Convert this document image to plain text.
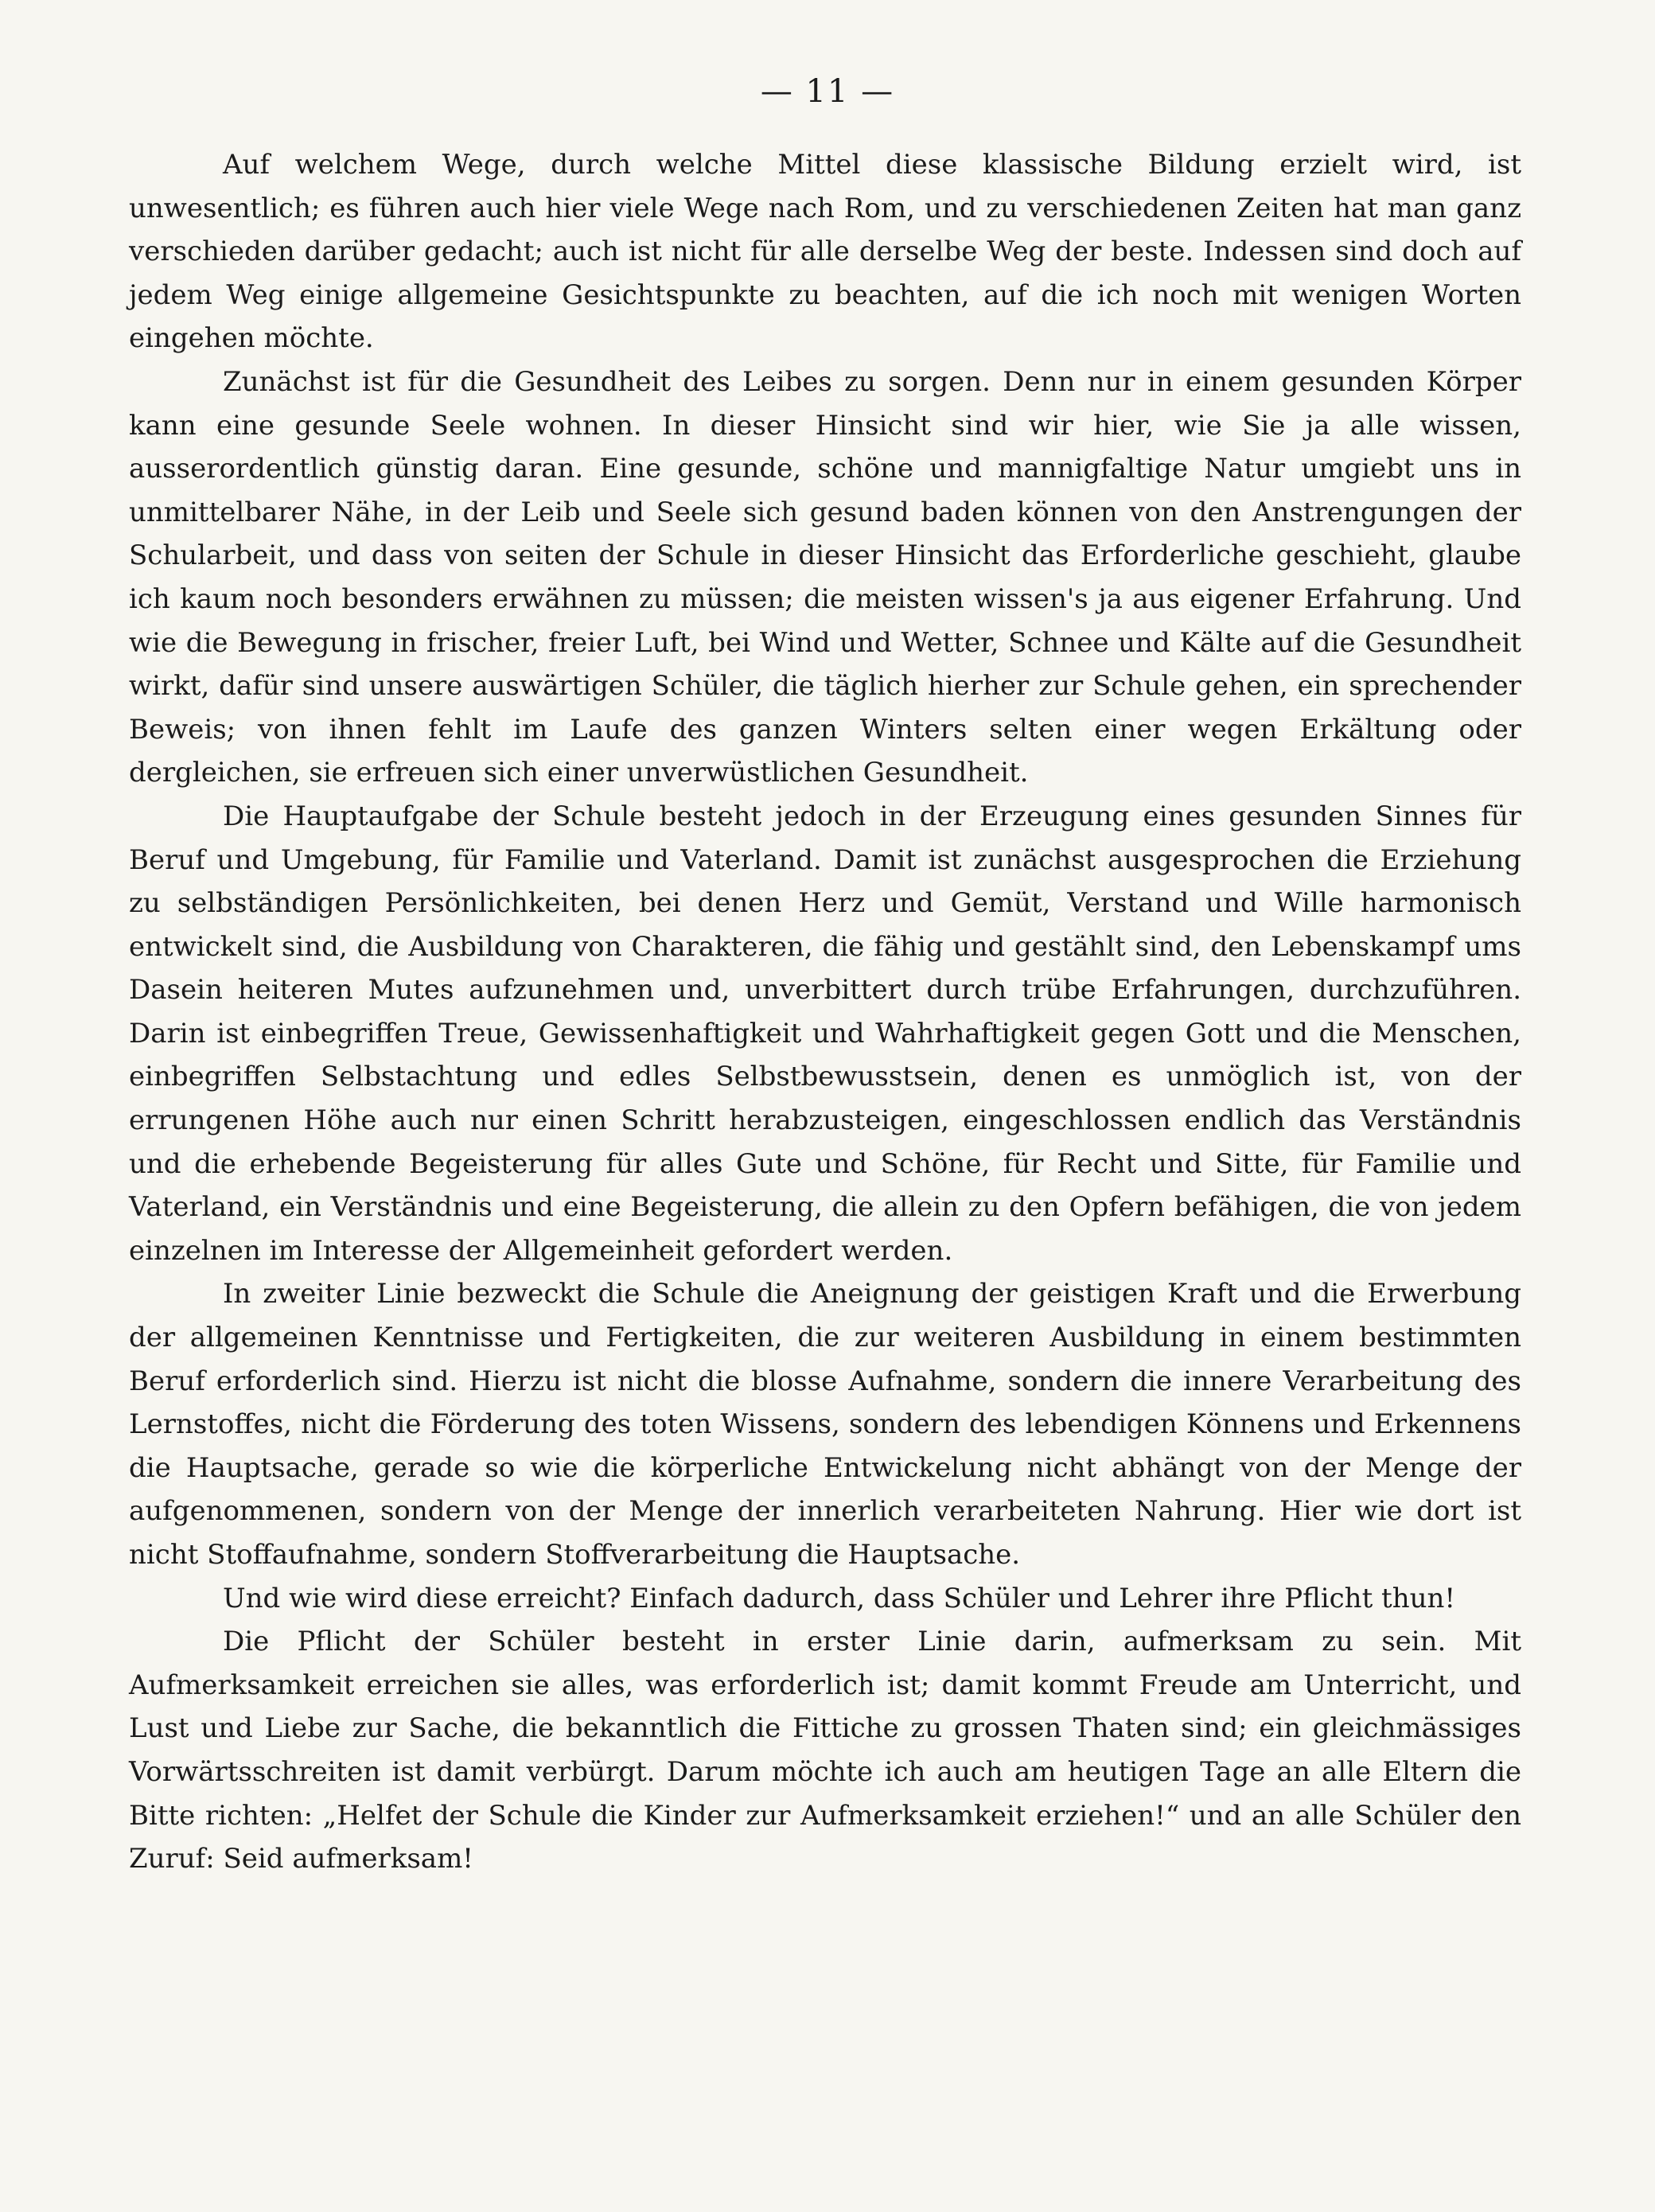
— 11 —

Auf welchem Wege, durch welche Mittel diese klassische Bildung erzielt wird, ist unwesentlich; es führen auch hier viele Wege nach Rom, und zu verschiedenen Zeiten hat man ganz verschieden darüber gedacht; auch ist nicht für alle derselbe Weg der beste. Indessen sind doch auf jedem Weg einige allgemeine Gesichtspunkte zu beachten, auf die ich noch mit wenigen Worten eingehen möchte.

Zunächst ist für die Gesundheit des Leibes zu sorgen. Denn nur in einem gesunden Körper kann eine gesunde Seele wohnen. In dieser Hinsicht sind wir hier, wie Sie ja alle wissen, ausserordentlich günstig daran. Eine gesunde, schöne und mannigfaltige Natur umgiebt uns in unmittelbarer Nähe, in der Leib und Seele sich gesund baden können von den Anstrengungen der Schularbeit, und dass von seiten der Schule in dieser Hinsicht das Erforderliche geschieht, glaube ich kaum noch besonders erwähnen zu müssen; die meisten wissen's ja aus eigener Erfahrung. Und wie die Bewegung in frischer, freier Luft, bei Wind und Wetter, Schnee und Kälte auf die Gesundheit wirkt, dafür sind unsere auswärtigen Schüler, die täglich hierher zur Schule gehen, ein sprechender Beweis; von ihnen fehlt im Laufe des ganzen Winters selten einer wegen Erkältung oder dergleichen, sie erfreuen sich einer unverwüstlichen Gesundheit.

Die Hauptaufgabe der Schule besteht jedoch in der Erzeugung eines gesunden Sinnes für Beruf und Umgebung, für Familie und Vaterland. Damit ist zunächst ausgesprochen die Erziehung zu selbständigen Persönlichkeiten, bei denen Herz und Gemüt, Verstand und Wille harmonisch entwickelt sind, die Ausbildung von Charakteren, die fähig und gestählt sind, den Lebenskampf ums Dasein heiteren Mutes aufzunehmen und, unverbittert durch trübe Erfahrungen, durchzuführen. Darin ist einbegriffen Treue, Gewissenhaftigkeit und Wahrhaftigkeit gegen Gott und die Menschen, einbegriffen Selbstachtung und edles Selbstbewusstsein, denen es unmöglich ist, von der errungenen Höhe auch nur einen Schritt herabzusteigen, eingeschlossen endlich das Verständnis und die erhebende Begeisterung für alles Gute und Schöne, für Recht und Sitte, für Familie und Vaterland, ein Verständnis und eine Begeisterung, die allein zu den Opfern befähigen, die von jedem einzelnen im Interesse der Allgemeinheit gefordert werden.

In zweiter Linie bezweckt die Schule die Aneignung der geistigen Kraft und die Erwerbung der allgemeinen Kenntnisse und Fertigkeiten, die zur weiteren Ausbildung in einem bestimmten Beruf erforderlich sind. Hierzu ist nicht die blosse Aufnahme, sondern die innere Verarbeitung des Lernstoffes, nicht die Förderung des toten Wissens, sondern des lebendigen Könnens und Erkennens die Hauptsache, gerade so wie die körperliche Entwickelung nicht abhängt von der Menge der aufgenommenen, sondern von der Menge der innerlich verarbeiteten Nahrung. Hier wie dort ist nicht Stoffaufnahme, sondern Stoffverarbeitung die Hauptsache.

Und wie wird diese erreicht? Einfach dadurch, dass Schüler und Lehrer ihre Pflicht thun!

Die Pflicht der Schüler besteht in erster Linie darin, aufmerksam zu sein. Mit Aufmerksamkeit erreichen sie alles, was erforderlich ist; damit kommt Freude am Unterricht, und Lust und Liebe zur Sache, die bekanntlich die Fittiche zu grossen Thaten sind; ein gleichmässiges Vorwärtsschreiten ist damit verbürgt. Darum möchte ich auch am heutigen Tage an alle Eltern die Bitte richten: „Helfet der Schule die Kinder zur Aufmerksamkeit erziehen!“ und an alle Schüler den Zuruf: Seid aufmerksam!
